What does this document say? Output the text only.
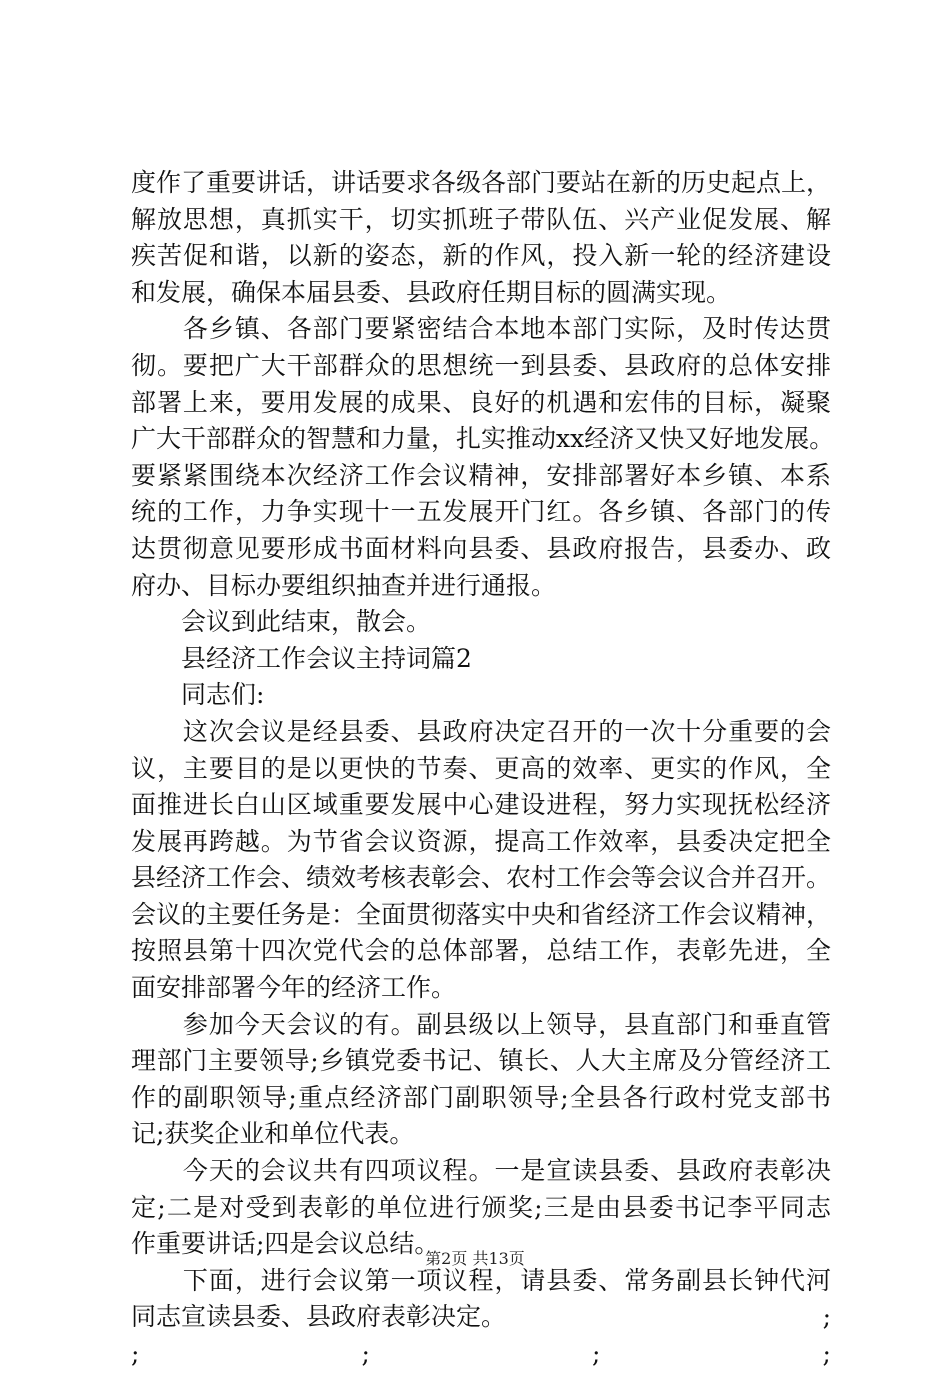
度作了重要讲话，讲话要求各级各部门要站在新的历史起点上，
解放思想，真抓实干，切实抓班子带队伍、兴产业促发展、解
疾苦促和谐，以新的姿态，新的作风，投入新一轮的经济建设
和发展，确保本届县委、县政府任期目标的圆满实现。
　　各乡镇、各部门要紧密结合本地本部门实际，及时传达贯
彻。要把广大干部群众的思想统一到县委、县政府的总体安排
部署上来，要用发展的成果、良好的机遇和宏伟的目标，凝聚
广大干部群众的智慧和力量，扎实推动xx经济又快又好地发展。
要紧紧围绕本次经济工作会议精神，安排部署好本乡镇、本系
统的工作，力争实现十一五发展开门红。各乡镇、各部门的传
达贯彻意见要形成书面材料向县委、县政府报告，县委办、政
府办、目标办要组织抽查并进行通报。
　　会议到此结束，散会。
　　县经济工作会议主持词篇2
　　同志们:
　　这次会议是经县委、县政府决定召开的一次十分重要的会
议，主要目的是以更快的节奏、更高的效率、更实的作风，全
面推进长白山区域重要发展中心建设进程，努力实现抚松经济
发展再跨越。为节省会议资源，提高工作效率，县委决定把全
县经济工作会、绩效考核表彰会、农村工作会等会议合并召开。
会议的主要任务是：全面贯彻落实中央和省经济工作会议精神，
按照县第十四次党代会的总体部署，总结工作，表彰先进，全
面安排部署今年的经济工作。
　　参加今天会议的有。副县级以上领导，县直部门和垂直管
理部门主要领导;乡镇党委书记、镇长、人大主席及分管经济工
作的副职领导;重点经济部门副职领导;全县各行政村党支部书
记;获奖企业和单位代表。
　　今天的会议共有四项议程。一是宣读县委、县政府表彰决
定;二是对受到表彰的单位进行颁奖;三是由县委书记李平同志
作重要讲话;四是会议总结。
　　下面，进行会议第一项议程，请县委、常务副县长钟代河
同志宣读县委、县政府表彰决定。	;
;	;	;	;
第2页 共13页
